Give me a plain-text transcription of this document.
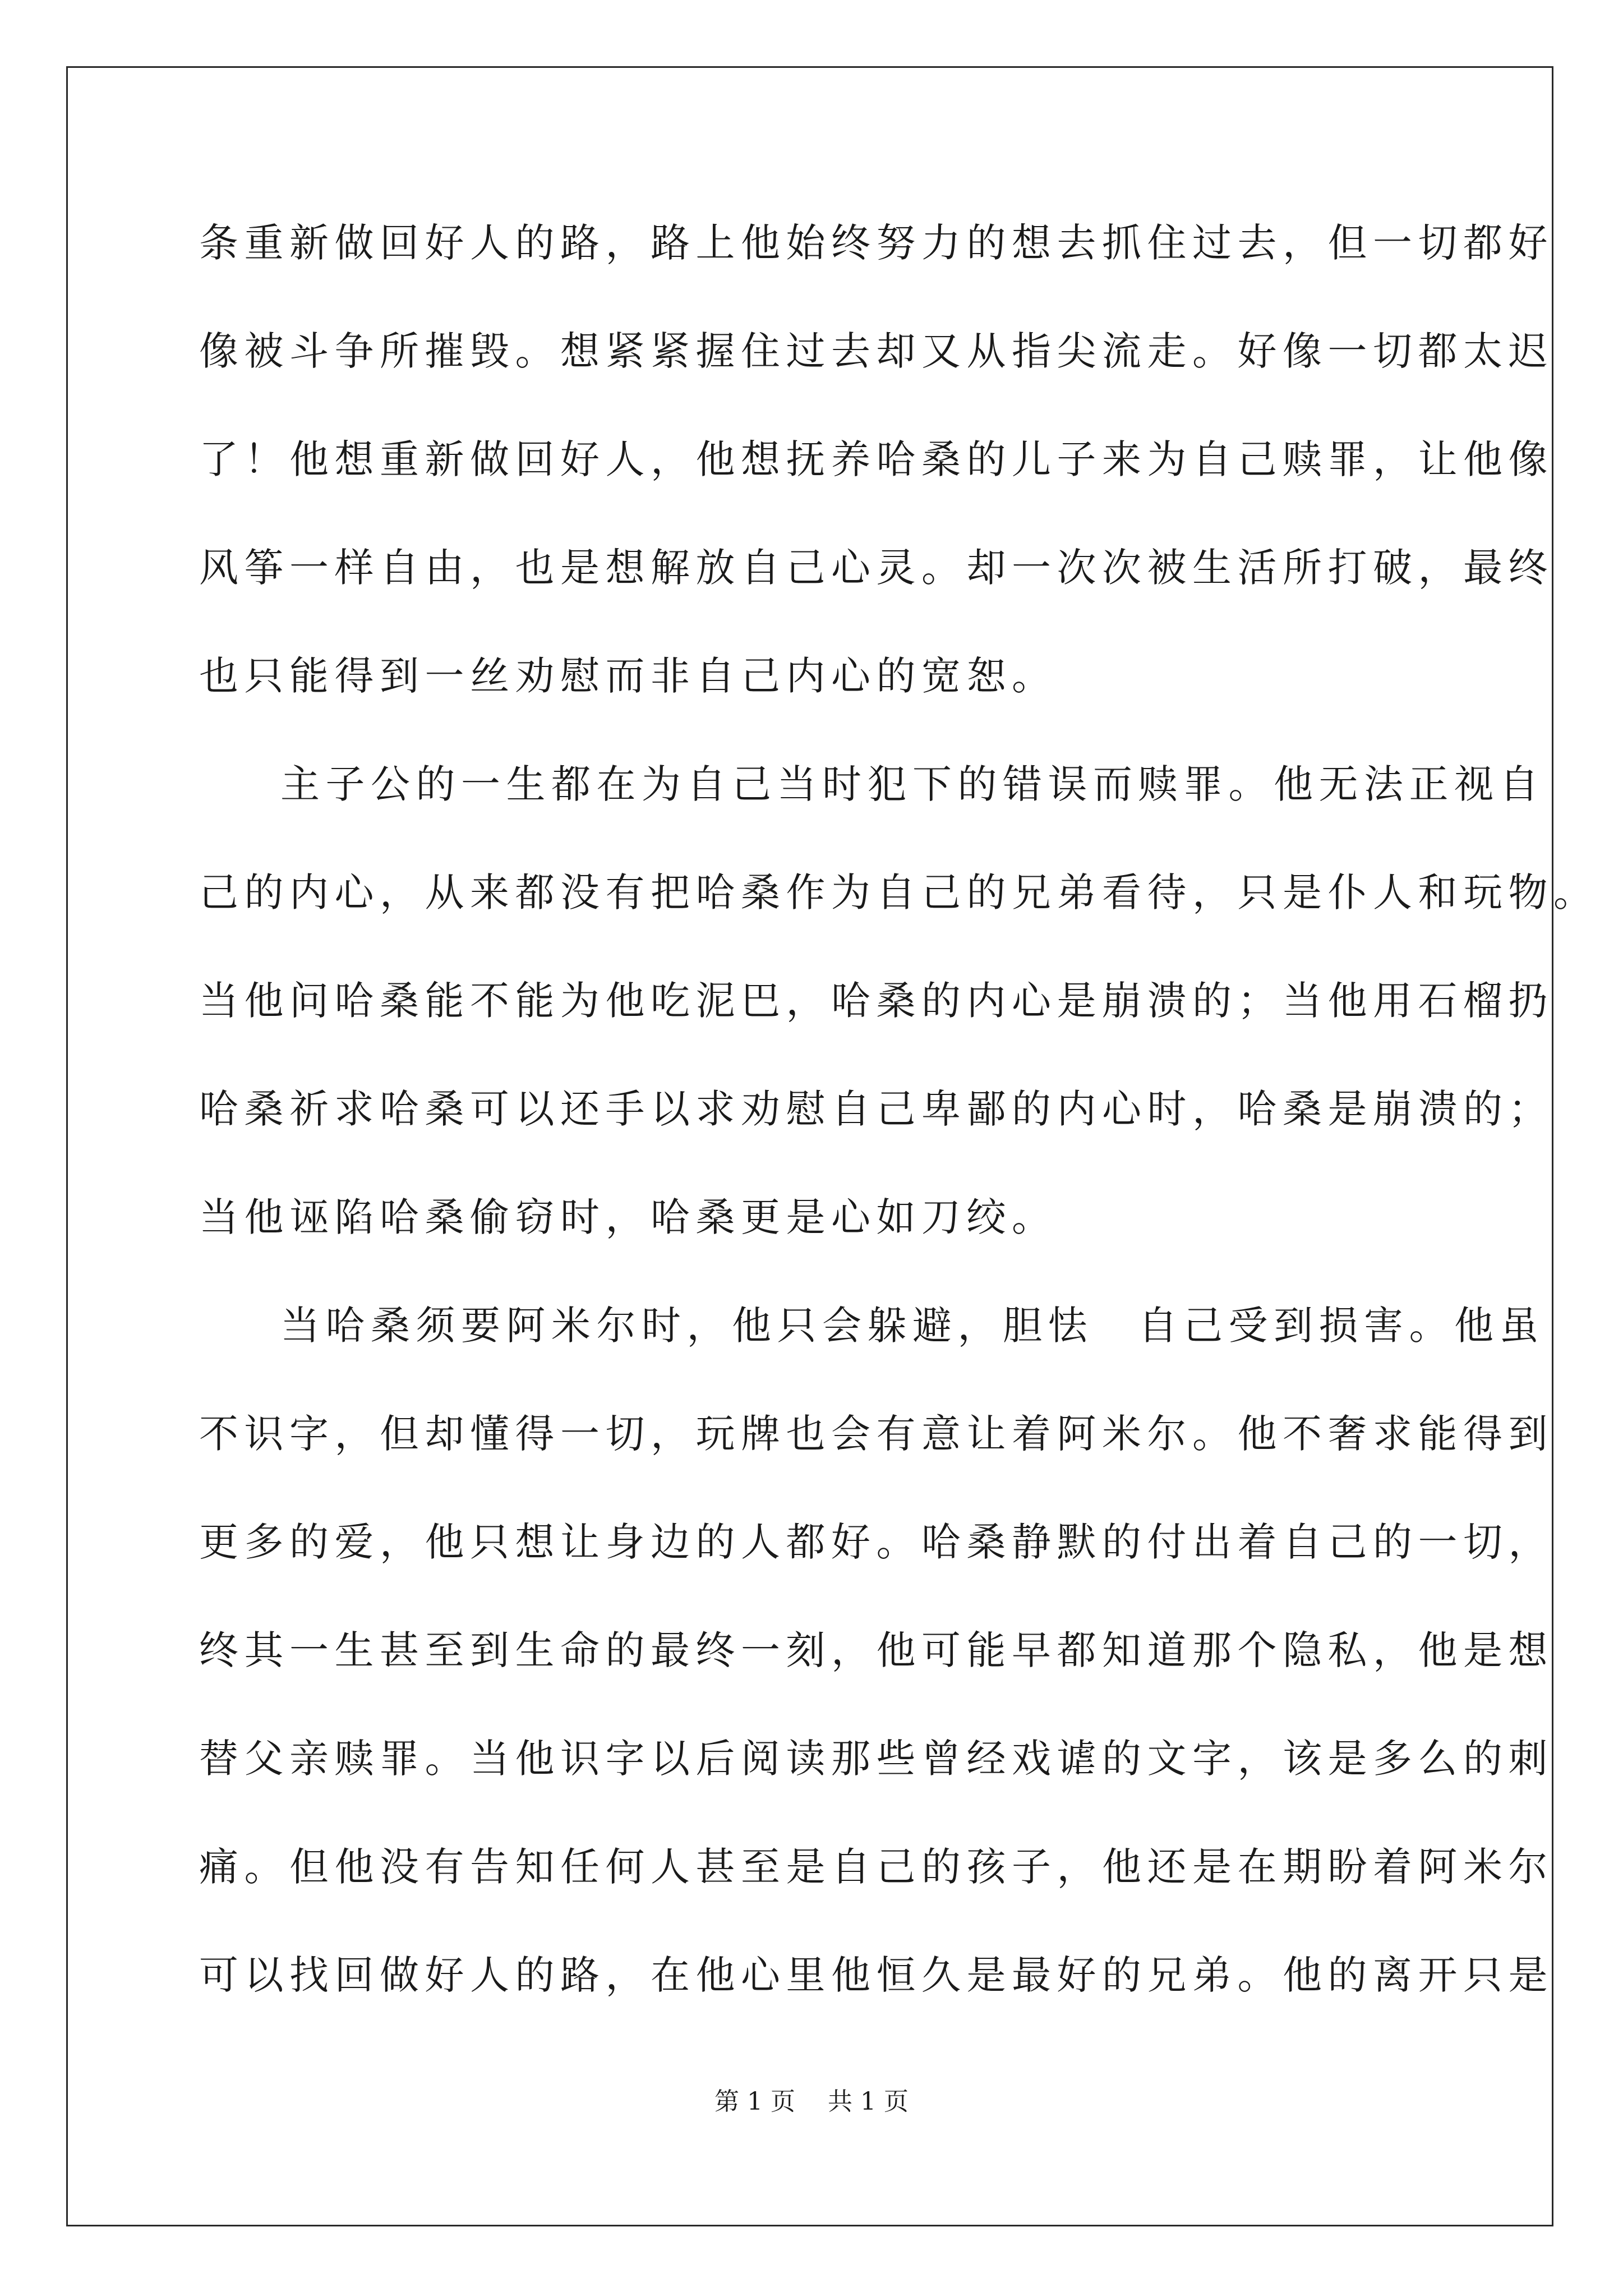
条重新做回好人的路，路上他始终努力的想去抓住过去，但一切都好
像被斗争所摧毁。想紧紧握住过去却又从指尖流走。好像一切都太迟
了！他想重新做回好人，他想抚养哈桑的儿子来为自己赎罪，让他像
风筝一样自由，也是想解放自己心灵。却一次次被生活所打破，最终
也只能得到一丝劝慰而非自己内心的宽恕。
主子公的一生都在为自己当时犯下的错误而赎罪。他无法正视自
己的内心，从来都没有把哈桑作为自己的兄弟看待，只是仆人和玩物。
当他问哈桑能不能为他吃泥巴，哈桑的内心是崩溃的；当他用石榴扔
哈桑祈求哈桑可以还手以求劝慰自己卑鄙的内心时，哈桑是崩溃的；
当他诬陷哈桑偷窃时，哈桑更是心如刀绞。
当哈桑须要阿米尔时，他只会躲避，胆怯　自己受到损害。他虽
不识字，但却懂得一切，玩牌也会有意让着阿米尔。他不奢求能得到
更多的爱，他只想让身边的人都好。哈桑静默的付出着自己的一切，
终其一生甚至到生命的最终一刻，他可能早都知道那个隐私，他是想
替父亲赎罪。当他识字以后阅读那些曾经戏谑的文字，该是多么的刺
痛。但他没有告知任何人甚至是自己的孩子，他还是在期盼着阿米尔
可以找回做好人的路，在他心里他恒久是最好的兄弟。他的离开只是
第 1 页　 共 1 页
